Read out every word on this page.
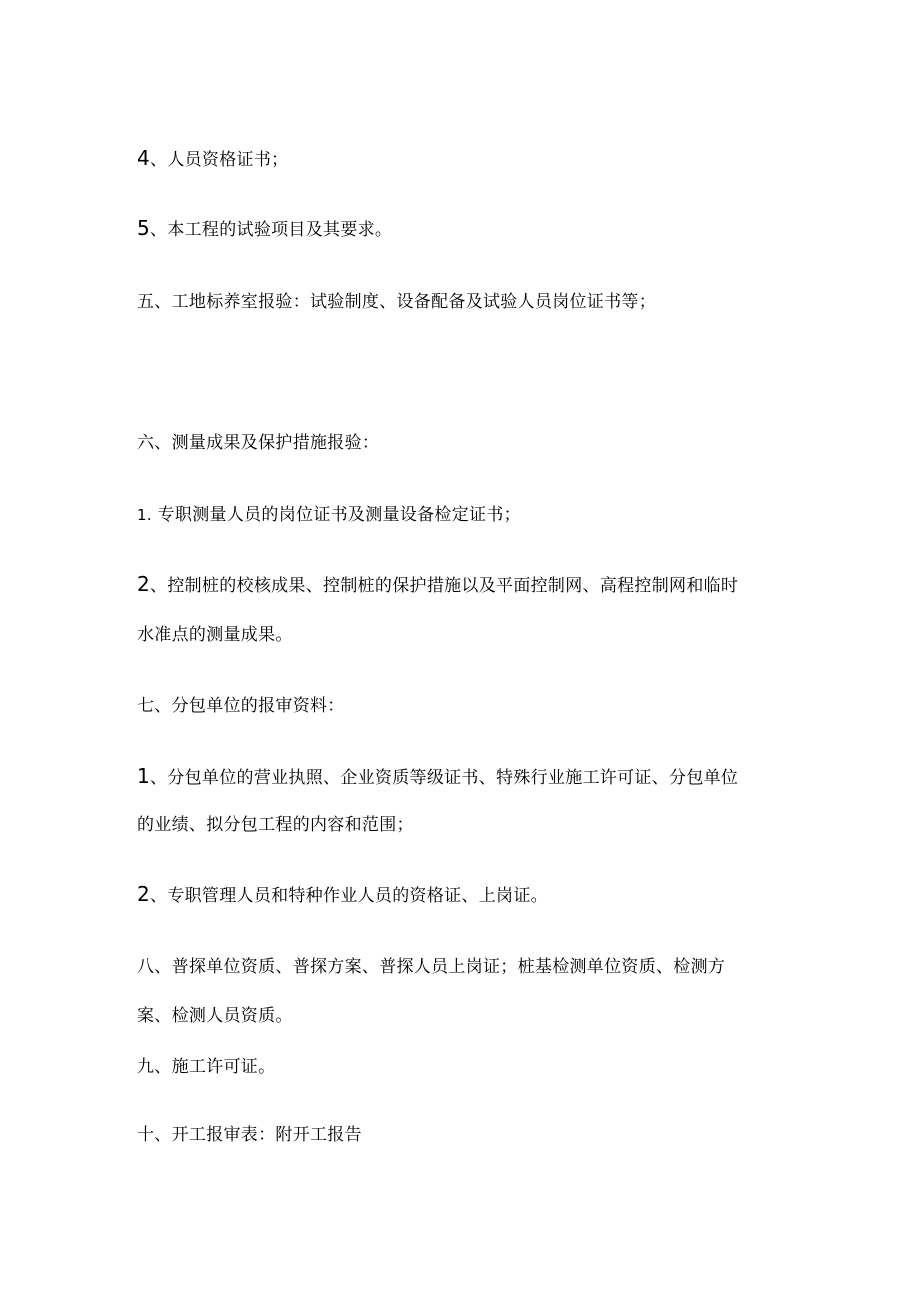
4、人员资格证书；
5、本工程的试验项目及其要求。
五、工地标养室报验：试验制度、设备配备及试验人员岗位证书等；
六、测量成果及保护措施报验：
1. 专职测量人员的岗位证书及测量设备检定证书；
2、控制桩的校核成果、控制桩的保护措施以及平面控制网、高程控制网和临时
水准点的测量成果。
七、分包单位的报审资料：
1、分包单位的营业执照、企业资质等级证书、特殊行业施工许可证、分包单位
的业绩、拟分包工程的内容和范围；
2、专职管理人员和特种作业人员的资格证、上岗证。
八、普探单位资质、普探方案、普探人员上岗证；桩基检测单位资质、检测方
案、检测人员资质。
九、施工许可证。
十、开工报审表：附开工报告
